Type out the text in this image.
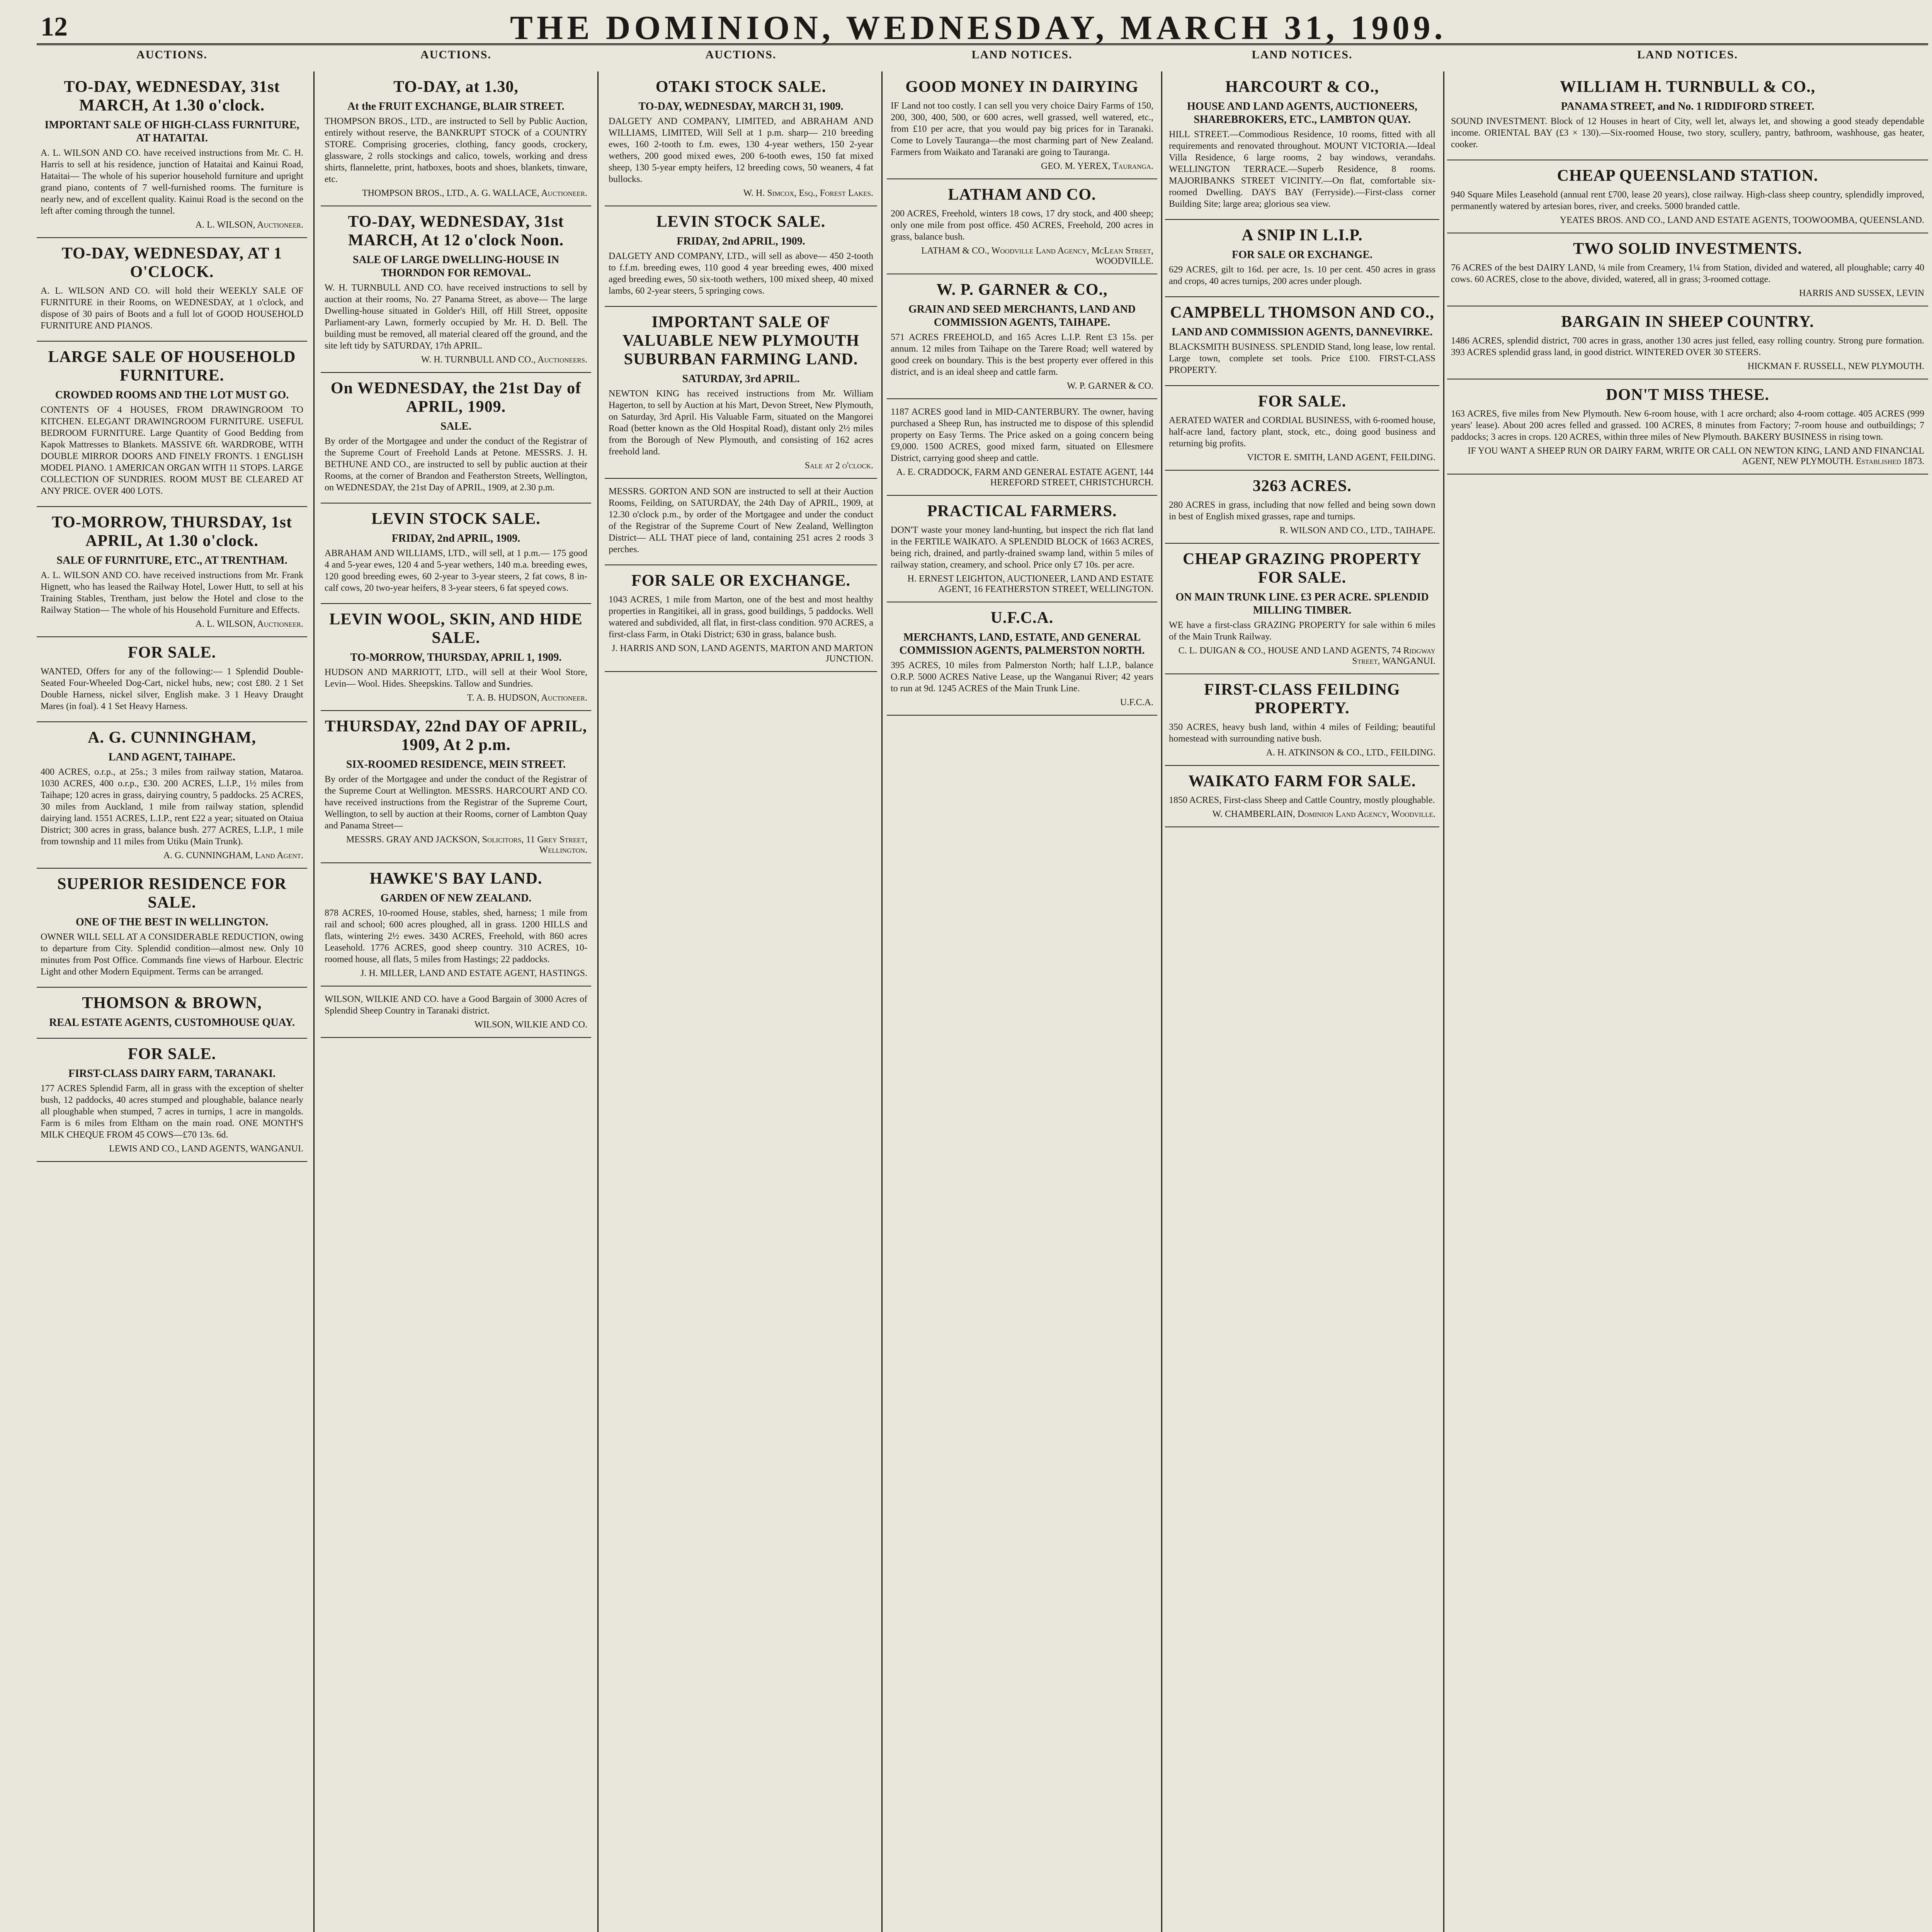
12	THE DOMINION, WEDNESDAY, MARCH 31, 1909.
AUCTIONS.	AUCTIONS.	AUCTIONS.	LAND NOTICES.	LAND NOTICES.	LAND NOTICES.
TO-DAY, WEDNESDAY, 31st MARCH, At 1.30 o'clock.
IMPORTANT SALE OF HIGH-CLASS FURNITURE, AT HATAITAI.

A. L. WILSON AND CO. have received instructions from Mr. C. H. Harris to sell at his residence, junction of Hataitai and Kainui Road, Hataitai— The whole of his superior household furniture and upright grand piano, contents of 7 well-furnished rooms. The furniture is nearly new, and of excellent quality. Kainui Road is the second on the left after coming through the tunnel.

A. L. WILSON, Auctioneer.
TO-DAY, WEDNESDAY, AT 1 O'CLOCK.

A. L. WILSON AND CO. will hold their WEEKLY SALE OF FURNITURE in their Rooms, on WEDNESDAY, at 1 o'clock, and dispose of 30 pairs of Boots and a full lot of GOOD HOUSEHOLD FURNITURE AND PIANOS.

LARGE SALE OF HOUSEHOLD FURNITURE.
CROWDED ROOMS AND THE LOT MUST GO.

CONTENTS OF 4 HOUSES, FROM DRAWINGROOM TO KITCHEN. ELEGANT DRAWINGROOM FURNITURE. USEFUL BEDROOM FURNITURE. Large Quantity of Good Bedding from Kapok Mattresses to Blankets. MASSIVE 6ft. WARDROBE, WITH DOUBLE MIRROR DOORS AND FINELY FRONTS. 1 ENGLISH MODEL PIANO. 1 AMERICAN ORGAN WITH 11 STOPS. LARGE COLLECTION OF SUNDRIES. ROOM MUST BE CLEARED AT ANY PRICE. OVER 400 LOTS.

TO-MORROW, THURSDAY, 1st APRIL, At 1.30 o'clock.
SALE OF FURNITURE, ETC., AT TRENTHAM.

A. L. WILSON AND CO. have received instructions from Mr. Frank Hignett, who has leased the Railway Hotel, Lower Hutt, to sell at his Training Stables, Trentham, just below the Hotel and close to the Railway Station— The whole of his Household Furniture and Effects.

A. L. WILSON, Auctioneer.
FOR SALE.

WANTED, Offers for any of the following:— 1 Splendid Double-Seated Four-Wheeled Dog-Cart, nickel hubs, new; cost £80. 2 1 Set Double Harness, nickel silver, English make. 3 1 Heavy Draught Mares (in foal). 4 1 Set Heavy Harness.

A. G. CUNNINGHAM,
LAND AGENT, TAIHAPE.

400 ACRES, o.r.p., at 25s.; 3 miles from railway station, Mataroa. 1030 ACRES, 400 o.r.p., £30. 200 ACRES, L.I.P., 1½ miles from Taihape; 120 acres in grass, dairying country, 5 paddocks. 25 ACRES, 30 miles from Auckland, 1 mile from railway station, splendid dairying land. 1551 ACRES, L.I.P., rent £22 a year; situated on Otaiua District; 300 acres in grass, balance bush. 277 ACRES, L.I.P., 1 mile from township and 11 miles from Utiku (Main Trunk).

A. G. CUNNINGHAM, Land Agent.
SUPERIOR RESIDENCE FOR SALE.
ONE OF THE BEST IN WELLINGTON.

OWNER WILL SELL AT A CONSIDERABLE REDUCTION, owing to departure from City. Splendid condition—almost new. Only 10 minutes from Post Office. Commands fine views of Harbour. Electric Light and other Modern Equipment. Terms can be arranged.

THOMSON & BROWN,
REAL ESTATE AGENTS, CUSTOMHOUSE QUAY.
FOR SALE.
FIRST-CLASS DAIRY FARM, TARANAKI.

177 ACRES Splendid Farm, all in grass with the exception of shelter bush, 12 paddocks, 40 acres stumped and ploughable, balance nearly all ploughable when stumped, 7 acres in turnips, 1 acre in mangolds. Farm is 6 miles from Eltham on the main road. ONE MONTH'S MILK CHEQUE FROM 45 COWS—£70 13s. 6d.

LEWIS AND CO., LAND AGENTS, WANGANUI.
TO-DAY, at 1.30,
At the FRUIT EXCHANGE, BLAIR STREET.

THOMPSON BROS., LTD., are instructed to Sell by Public Auction, entirely without reserve, the BANKRUPT STOCK of a COUNTRY STORE. Comprising groceries, clothing, fancy goods, crockery, glassware, 2 rolls stockings and calico, towels, working and dress shirts, flannelette, print, hatboxes, boots and shoes, blankets, tinware, etc.

THOMPSON BROS., LTD., A. G. WALLACE, Auctioneer.
TO-DAY, WEDNESDAY, 31st MARCH, At 12 o'clock Noon.
SALE OF LARGE DWELLING-HOUSE IN THORNDON FOR REMOVAL.

W. H. TURNBULL AND CO. have received instructions to sell by auction at their rooms, No. 27 Panama Street, as above— The large Dwelling-house situated in Golder's Hill, off Hill Street, opposite Parliament-ary Lawn, formerly occupied by Mr. H. D. Bell. The building must be removed, all material cleared off the ground, and the site left tidy by SATURDAY, 17th APRIL.

W. H. TURNBULL AND CO., Auctioneers.
On WEDNESDAY, the 21st Day of APRIL, 1909.
SALE.

By order of the Mortgagee and under the conduct of the Registrar of the Supreme Court of Freehold Lands at Petone. MESSRS. J. H. BETHUNE AND CO., are instructed to sell by public auction at their Rooms, at the corner of Brandon and Featherston Streets, Wellington, on WEDNESDAY, the 21st Day of APRIL, 1909, at 2.30 p.m.

LEVIN STOCK SALE.
FRIDAY, 2nd APRIL, 1909.

ABRAHAM AND WILLIAMS, LTD., will sell, at 1 p.m.— 175 good 4 and 5-year ewes, 120 4 and 5-year wethers, 140 m.a. breeding ewes, 120 good breeding ewes, 60 2-year to 3-year steers, 2 fat cows, 8 in-calf cows, 20 two-year heifers, 8 3-year steers, 6 fat speyed cows.

LEVIN WOOL, SKIN, AND HIDE SALE.
TO-MORROW, THURSDAY, APRIL 1, 1909.

HUDSON AND MARRIOTT, LTD., will sell at their Wool Store, Levin— Wool. Hides. Sheepskins. Tallow and Sundries.

T. A. B. HUDSON, Auctioneer.
THURSDAY, 22nd DAY OF APRIL, 1909, At 2 p.m.
SIX-ROOMED RESIDENCE, MEIN STREET.

By order of the Mortgagee and under the conduct of the Registrar of the Supreme Court at Wellington. MESSRS. HARCOURT AND CO. have received instructions from the Registrar of the Supreme Court, Wellington, to sell by auction at their Rooms, corner of Lambton Quay and Panama Street—

MESSRS. GRAY AND JACKSON, Solicitors, 11 Grey Street, Wellington.
HAWKE'S BAY LAND.
GARDEN OF NEW ZEALAND.

878 ACRES, 10-roomed House, stables, shed, harness; 1 mile from rail and school; 600 acres ploughed, all in grass. 1200 HILLS and flats, wintering 2½ ewes. 3430 ACRES, Freehold, with 860 acres Leasehold. 1776 ACRES, good sheep country. 310 ACRES, 10-roomed house, all flats, 5 miles from Hastings; 22 paddocks.

J. H. MILLER, LAND AND ESTATE AGENT, HASTINGS.

WILSON, WILKIE AND CO. have a Good Bargain of 3000 Acres of Splendid Sheep Country in Taranaki district.

WILSON, WILKIE AND CO.
OTAKI STOCK SALE.
TO-DAY, WEDNESDAY, MARCH 31, 1909.

DALGETY AND COMPANY, LIMITED, and ABRAHAM AND WILLIAMS, LIMITED, Will Sell at 1 p.m. sharp— 210 breeding ewes, 160 2-tooth to f.m. ewes, 130 4-year wethers, 150 2-year wethers, 200 good mixed ewes, 200 6-tooth ewes, 150 fat mixed sheep, 130 5-year empty heifers, 12 breeding cows, 50 weaners, 4 fat bullocks.

W. H. Simcox, Esq., Forest Lakes.
LEVIN STOCK SALE.
FRIDAY, 2nd APRIL, 1909.

DALGETY AND COMPANY, LTD., will sell as above— 450 2-tooth to f.f.m. breeding ewes, 110 good 4 year breeding ewes, 400 mixed aged breeding ewes, 50 six-tooth wethers, 100 mixed sheep, 40 mixed lambs, 60 2-year steers, 5 springing cows.

IMPORTANT SALE OF VALUABLE NEW PLYMOUTH SUBURBAN FARMING LAND.
SATURDAY, 3rd APRIL.

NEWTON KING has received instructions from Mr. William Hagerton, to sell by Auction at his Mart, Devon Street, New Plymouth, on Saturday, 3rd April. His Valuable Farm, situated on the Mangorei Road (better known as the Old Hospital Road), distant only 2½ miles from the Borough of New Plymouth, and consisting of 162 acres freehold land.

Sale at 2 o'clock.

MESSRS. GORTON AND SON are instructed to sell at their Auction Rooms, Feilding, on SATURDAY, the 24th Day of APRIL, 1909, at 12.30 o'clock p.m., by order of the Mortgagee and under the conduct of the Registrar of the Supreme Court of New Zealand, Wellington District— ALL THAT piece of land, containing 251 acres 2 roods 3 perches.

FOR SALE OR EXCHANGE.

1043 ACRES, 1 mile from Marton, one of the best and most healthy properties in Rangitikei, all in grass, good buildings, 5 paddocks. Well watered and subdivided, all flat, in first-class condition. 970 ACRES, a first-class Farm, in Otaki District; 630 in grass, balance bush.

J. HARRIS AND SON, LAND AGENTS, MARTON AND MARTON JUNCTION.
GOOD MONEY IN DAIRYING

IF Land not too costly. I can sell you very choice Dairy Farms of 150, 200, 300, 400, 500, or 600 acres, well grassed, well watered, etc., from £10 per acre, that you would pay big prices for in Taranaki. Come to Lovely Tauranga—the most charming part of New Zealand. Farmers from Waikato and Taranaki are going to Tauranga.

GEO. M. YEREX, Tauranga.
LATHAM AND CO.

200 ACRES, Freehold, winters 18 cows, 17 dry stock, and 400 sheep; only one mile from post office. 450 ACRES, Freehold, 200 acres in grass, balance bush.

LATHAM & CO., Woodville Land Agency, McLean Street, WOODVILLE.
W. P. GARNER & CO.,
GRAIN AND SEED MERCHANTS, LAND AND COMMISSION AGENTS, TAIHAPE.

571 ACRES FREEHOLD, and 165 Acres L.I.P. Rent £3 15s. per annum. 12 miles from Taihape on the Tarere Road; well watered by good creek on boundary. This is the best property ever offered in this district, and is an ideal sheep and cattle farm.

W. P. GARNER & CO.

1187 ACRES good land in MID-CANTERBURY. The owner, having purchased a Sheep Run, has instructed me to dispose of this splendid property on Easy Terms. The Price asked on a going concern being £9,000. 1500 ACRES, good mixed farm, situated on Ellesmere District, carrying good sheep and cattle.

A. E. CRADDOCK, FARM AND GENERAL ESTATE AGENT, 144 HEREFORD STREET, CHRISTCHURCH.
PRACTICAL FARMERS.

DON'T waste your money land-hunting, but inspect the rich flat land in the FERTILE WAIKATO. A SPLENDID BLOCK of 1663 ACRES, being rich, drained, and partly-drained swamp land, within 5 miles of railway station, creamery, and school. Price only £7 10s. per acre.

H. ERNEST LEIGHTON, AUCTIONEER, LAND AND ESTATE AGENT, 16 FEATHERSTON STREET, WELLINGTON.
U.F.C.A.
MERCHANTS, LAND, ESTATE, AND GENERAL COMMISSION AGENTS, PALMERSTON NORTH.

395 ACRES, 10 miles from Palmerston North; half L.I.P., balance O.R.P. 5000 ACRES Native Lease, up the Wanganui River; 42 years to run at 9d. 1245 ACRES of the Main Trunk Line.

U.F.C.A.
HARCOURT & CO.,
HOUSE AND LAND AGENTS, AUCTIONEERS, SHAREBROKERS, ETC., LAMBTON QUAY.

HILL STREET.—Commodious Residence, 10 rooms, fitted with all requirements and renovated throughout. MOUNT VICTORIA.—Ideal Villa Residence, 6 large rooms, 2 bay windows, verandahs. WELLINGTON TERRACE.—Superb Residence, 8 rooms. MAJORIBANKS STREET VICINITY.—On flat, comfortable six-roomed Dwelling. DAYS BAY (Ferryside).—First-class corner Building Site; large area; glorious sea view.

A SNIP IN L.I.P.
FOR SALE OR EXCHANGE.

629 ACRES, gilt to 16d. per acre, 1s. 10 per cent. 450 acres in grass and crops, 40 acres turnips, 200 acres under plough.

CAMPBELL THOMSON AND CO.,
LAND AND COMMISSION AGENTS, DANNEVIRKE.

BLACKSMITH BUSINESS. SPLENDID Stand, long lease, low rental. Large town, complete set tools. Price £100. FIRST-CLASS PROPERTY.

FOR SALE.

AERATED WATER and CORDIAL BUSINESS, with 6-roomed house, half-acre land, factory plant, stock, etc., doing good business and returning big profits.

VICTOR E. SMITH, LAND AGENT, FEILDING.
3263 ACRES.

280 ACRES in grass, including that now felled and being sown down in best of English mixed grasses, rape and turnips.

R. WILSON AND CO., LTD., TAIHAPE.
CHEAP GRAZING PROPERTY FOR SALE.
ON MAIN TRUNK LINE. £3 PER ACRE. SPLENDID MILLING TIMBER.

WE have a first-class GRAZING PROPERTY for sale within 6 miles of the Main Trunk Railway.

C. L. DUIGAN & CO., HOUSE AND LAND AGENTS, 74 Ridgway Street, WANGANUI.
FIRST-CLASS FEILDING PROPERTY.

350 ACRES, heavy bush land, within 4 miles of Feilding; beautiful homestead with surrounding native bush.

A. H. ATKINSON & CO., LTD., FEILDING.
WAIKATO FARM FOR SALE.

1850 ACRES, First-class Sheep and Cattle Country, mostly ploughable.

W. CHAMBERLAIN, Dominion Land Agency, Woodville.
WILLIAM H. TURNBULL & CO.,
PANAMA STREET, and No. 1 RIDDIFORD STREET.

SOUND INVESTMENT. Block of 12 Houses in heart of City, well let, always let, and showing a good steady dependable income. ORIENTAL BAY (£3 × 130).—Six-roomed House, two story, scullery, pantry, bathroom, washhouse, gas heater, cooker.

CHEAP QUEENSLAND STATION.

940 Square Miles Leasehold (annual rent £700, lease 20 years), close railway. High-class sheep country, splendidly improved, permanently watered by artesian bores, river, and creeks. 5000 branded cattle.

YEATES BROS. AND CO., LAND AND ESTATE AGENTS, TOOWOOMBA, QUEENSLAND.
TWO SOLID INVESTMENTS.

76 ACRES of the best DAIRY LAND, ¼ mile from Creamery, 1¼ from Station, divided and watered, all ploughable; carry 40 cows. 60 ACRES, close to the above, divided, watered, all in grass; 3-roomed cottage.

HARRIS AND SUSSEX, LEVIN
BARGAIN IN SHEEP COUNTRY.

1486 ACRES, splendid district, 700 acres in grass, another 130 acres just felled, easy rolling country. Strong pure formation. 393 ACRES splendid grass land, in good district. WINTERED OVER 30 STEERS.

HICKMAN F. RUSSELL, NEW PLYMOUTH.
DON'T MISS THESE.

163 ACRES, five miles from New Plymouth. New 6-room house, with 1 acre orchard; also 4-room cottage. 405 ACRES (999 years' lease). About 200 acres felled and grassed. 100 ACRES, 8 minutes from Factory; 7-room house and outbuildings; 7 paddocks; 3 acres in crops. 120 ACRES, within three miles of New Plymouth. BAKERY BUSINESS in rising town.

IF YOU WANT A SHEEP RUN OR DAIRY FARM, WRITE OR CALL ON NEWTON KING, LAND AND FINANCIAL AGENT, NEW PLYMOUTH. Established 1873.
